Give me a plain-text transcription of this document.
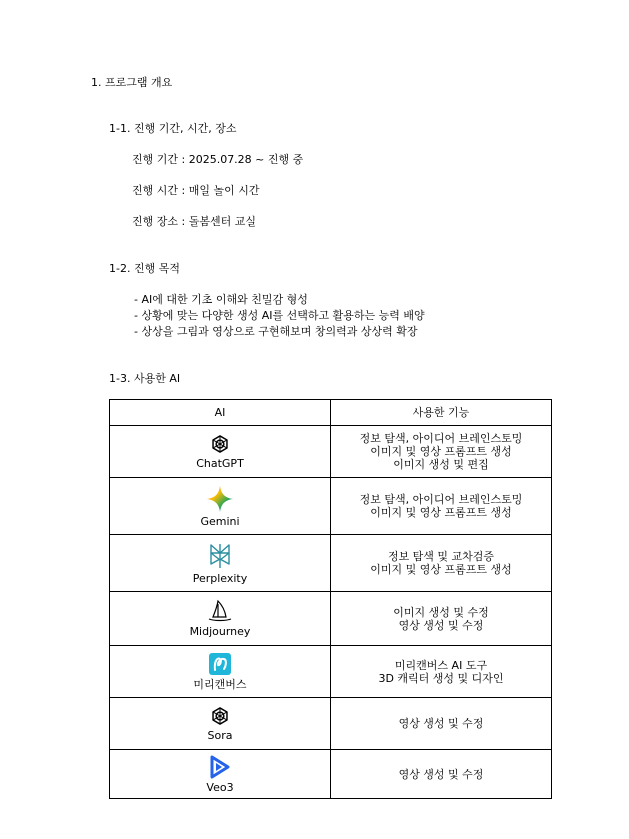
1. 프로그램 개요
1-1. 진행 기간, 시간, 장소
진행 기간 : 2025.07.28 ~ 진행 중
진행 시간 : 매일 놀이 시간
진행 장소 : 돌봄센터 교실
1-2. 진행 목적
- AI에 대한 기초 이해와 친밀감 형성
- 상황에 맞는 다양한 생성 AI를 선택하고 활용하는 능력 배양
- 상상을 그림과 영상으로 구현해보며 창의력과 상상력 확장
1-3. 사용한 AI
AI	사용한 기능

ChatGPT	정보 탐색, 아이디어 브레인스토밍
이미지 및 영상 프롬프트 생성
이미지 생성 및 편집

Gemini	정보 탐색, 아이디어 브레인스토밍
이미지 및 영상 프롬프트 생성

Perplexity	정보 탐색 및 교차검증
이미지 및 영상 프롬프트 생성

Midjourney	이미지 생성 및 수정
영상 생성 및 수정

미리캔버스	미리캔버스 AI 도구
3D 캐릭터 생성 및 디자인

Sora	영상 생성 및 수정

Veo3	영상 생성 및 수정
